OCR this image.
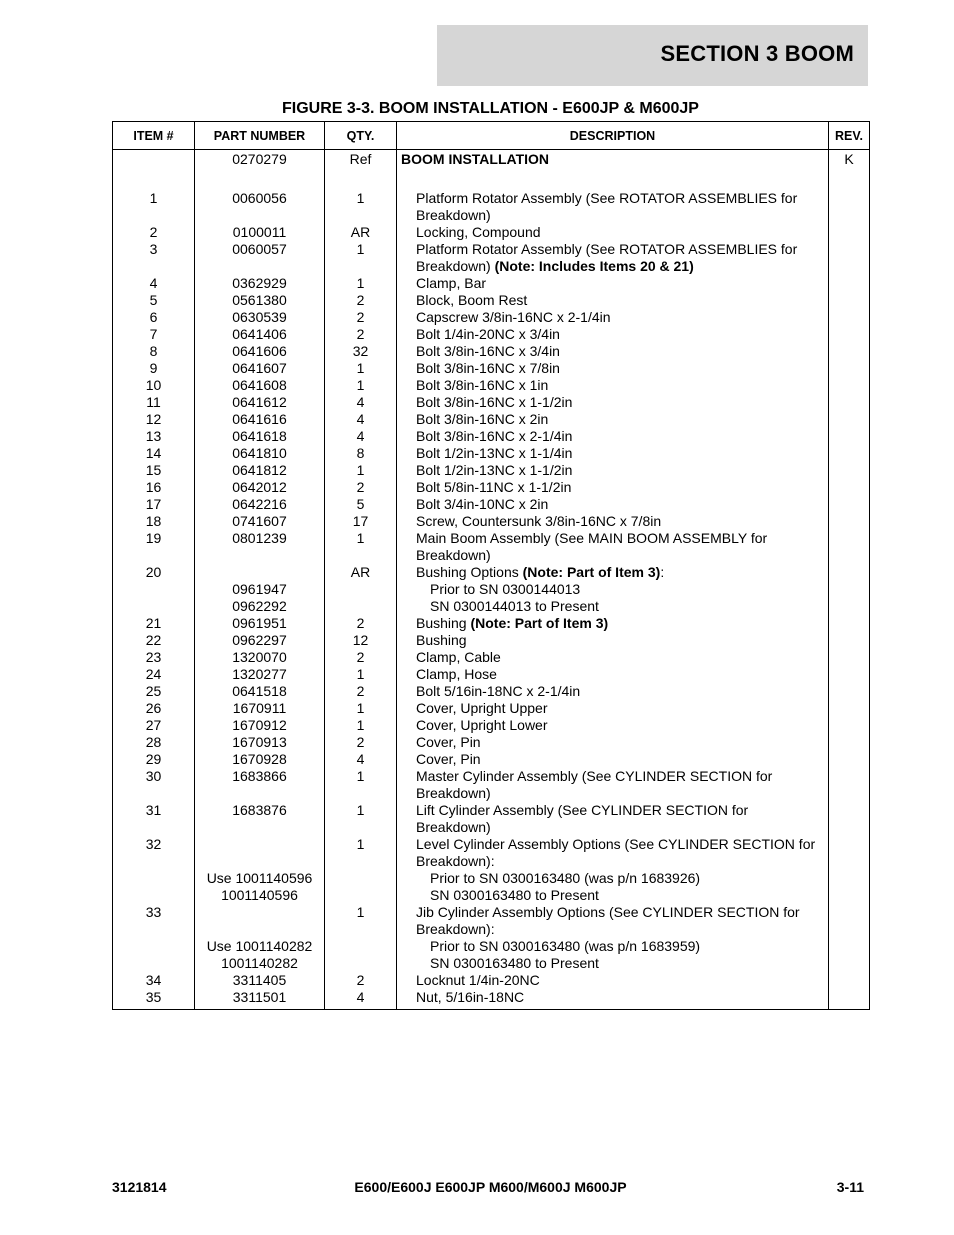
SECTION 3 BOOM
FIGURE 3-3. BOOM INSTALLATION - E600JP & M600JP
ITEM #	PART NUMBER	QTY.	DESCRIPTION	REV.
	0270279	Ref	BOOM INSTALLATION	K
1	0060056	1	Platform Rotator Assembly (See ROTATOR ASSEMBLIES for Breakdown)	
2	0100011	AR	Locking, Compound	
3	0060057	1	Platform Rotator Assembly (See ROTATOR ASSEMBLIES for Breakdown) (Note: Includes Items 20 & 21)	
4	0362929	1	Clamp, Bar	
5	0561380	2	Block, Boom Rest	
6	0630539	2	Capscrew 3/8in-16NC x 2-1/4in	
7	0641406	2	Bolt 1/4in-20NC x 3/4in	
8	0641606	32	Bolt 3/8in-16NC x 3/4in	
9	0641607	1	Bolt 3/8in-16NC x 7/8in	
10	0641608	1	Bolt 3/8in-16NC x 1in	
11	0641612	4	Bolt 3/8in-16NC x 1-1/2in	
12	0641616	4	Bolt 3/8in-16NC x 2in	
13	0641618	4	Bolt 3/8in-16NC x 2-1/4in	
14	0641810	8	Bolt 1/2in-13NC x 1-1/4in	
15	0641812	1	Bolt 1/2in-13NC x 1-1/2in	
16	0642012	2	Bolt 5/8in-11NC x 1-1/2in	
17	0642216	5	Bolt 3/4in-10NC x 2in	
18	0741607	17	Screw, Countersunk 3/8in-16NC x 7/8in	
19	0801239	1	Main Boom Assembly (See MAIN BOOM ASSEMBLY for Breakdown)	
20		AR	Bushing Options (Note: Part of Item 3):	
	0961947		Prior to SN 0300144013	
	0962292		SN 0300144013 to Present	
21	0961951	2	Bushing (Note: Part of Item 3)	
22	0962297	12	Bushing	
23	1320070	2	Clamp, Cable	
24	1320277	1	Clamp, Hose	
25	0641518	2	Bolt 5/16in-18NC x 2-1/4in	
26	1670911	1	Cover, Upright Upper	
27	1670912	1	Cover, Upright Lower	
28	1670913	2	Cover, Pin	
29	1670928	4	Cover, Pin	
30	1683866	1	Master Cylinder Assembly (See CYLINDER SECTION for Breakdown)	
31	1683876	1	Lift Cylinder Assembly (See CYLINDER SECTION for Breakdown)	
32		1	Level Cylinder Assembly Options (See CYLINDER SECTION for Breakdown):	
	Use 1001140596		Prior to SN 0300163480 (was p/n 1683926)	
	1001140596		SN 0300163480 to Present	
33		1	Jib Cylinder Assembly Options (See CYLINDER SECTION for Breakdown):	
	Use 1001140282		Prior to SN 0300163480 (was p/n 1683959)	
	1001140282		SN 0300163480 to Present	
34	3311405	2	Locknut 1/4in-20NC	
35	3311501	4	Nut, 5/16in-18NC	
3121814	E600/E600J E600JP M600/M600J M600JP	3-11
